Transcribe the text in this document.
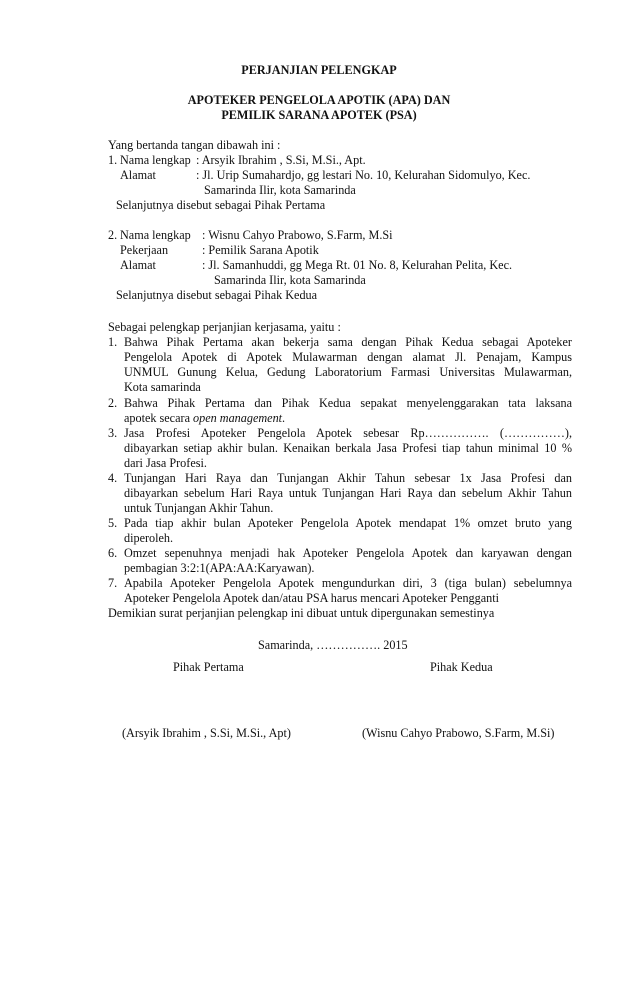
PERJANJIAN PELENGKAP
APOTEKER PENGELOLA APOTIK (APA) DAN
PEMILIK SARANA APOTEK (PSA)
Yang bertanda tangan dibawah ini :
1. Nama lengkap : Arsyik Ibrahim , S.Si, M.Si., Apt.
Alamat	: Jl. Urip Sumahardjo, gg lestari No. 10, Kelurahan Sidomulyo, Kec.
Samarinda Ilir, kota Samarinda
Selanjutnya disebut sebagai Pihak Pertama
2. Nama lengkap : Wisnu Cahyo Prabowo, S.Farm, M.Si
Pekerjaan	: Pemilik Sarana Apotik
Alamat	: Jl. Samanhuddi, gg Mega Rt. 01 No. 8, Kelurahan Pelita, Kec.
Samarinda Ilir, kota Samarinda
Selanjutnya disebut sebagai Pihak Kedua
Sebagai pelengkap perjanjian kerjasama, yaitu :
1. Bahwa Pihak Pertama akan bekerja sama dengan Pihak Kedua sebagai Apoteker
Pengelola Apotek di Apotek Mulawarman dengan alamat Jl. Penajam, Kampus
UNMUL Gunung Kelua, Gedung Laboratorium Farmasi Universitas Mulawarman,
Kota samarinda
2. Bahwa Pihak Pertama dan Pihak Kedua sepakat menyelenggarakan tata laksana
apotek secara open management.
3. Jasa Profesi Apoteker Pengelola Apotek sebesar Rp……………. (……………),
dibayarkan setiap akhir bulan. Kenaikan berkala Jasa Profesi tiap tahun minimal 10 %
dari Jasa Profesi.
4. Tunjangan Hari Raya dan Tunjangan Akhir Tahun sebesar 1x Jasa Profesi dan
dibayarkan sebelum Hari Raya untuk Tunjangan Hari Raya dan sebelum Akhir Tahun
untuk Tunjangan Akhir Tahun.
5. Pada tiap akhir bulan Apoteker Pengelola Apotek mendapat 1% omzet bruto yang
diperoleh.
6. Omzet sepenuhnya menjadi hak Apoteker Pengelola Apotek dan karyawan dengan
pembagian 3:2:1(APA:AA:Karyawan).
7. Apabila Apoteker Pengelola Apotek mengundurkan diri, 3 (tiga bulan) sebelumnya
Apoteker Pengelola Apotek dan/atau PSA harus mencari Apoteker Pengganti
Demikian surat perjanjian pelengkap ini dibuat untuk dipergunakan semestinya
Samarinda, ……………. 2015
Pihak Pertama	Pihak Kedua
(Arsyik Ibrahim , S.Si, M.Si., Apt)	(Wisnu Cahyo Prabowo, S.Farm, M.Si)
